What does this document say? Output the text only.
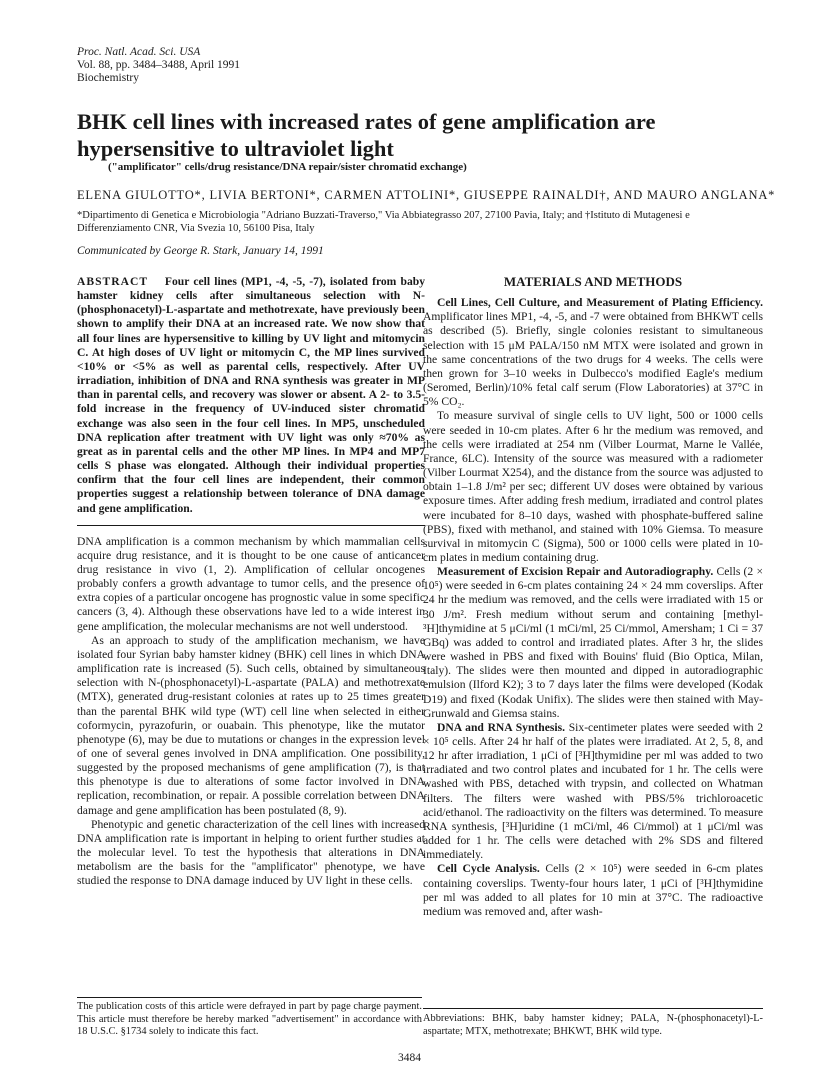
Proc. Natl. Acad. Sci. USA
Vol. 88, pp. 3484–3488, April 1991
Biochemistry
BHK cell lines with increased rates of gene amplification are hypersensitive to ultraviolet light
("amplificator" cells/drug resistance/DNA repair/sister chromatid exchange)
ELENA GIULOTTO*, LIVIA BERTONI*, CARMEN ATTOLINI*, GIUSEPPE RAINALDI†, AND MAURO ANGLANA*
*Dipartimento di Genetica e Microbiologia "Adriano Buzzati-Traverso," Via Abbiategrasso 207, 27100 Pavia, Italy; and †Istituto di Mutagenesi e Differenziamento CNR, Via Svezia 10, 56100 Pisa, Italy
Communicated by George R. Stark, January 14, 1991

ABSTRACT Four cell lines (MP1, -4, -5, -7), isolated from baby hamster kidney cells after simultaneous selection with N-(phosphonacetyl)-L-aspartate and methotrexate, have previously been shown to amplify their DNA at an increased rate. We now show that all four lines are hypersensitive to killing by UV light and mitomycin C. At high doses of UV light or mitomycin C, the MP lines survived <10% or <5% as well as parental cells, respectively. After UV irradiation, inhibition of DNA and RNA synthesis was greater in MP than in parental cells, and recovery was slower or absent. A 2- to 3.5-fold increase in the frequency of UV-induced sister chromatid exchange was also seen in the four cell lines. In MP5, unscheduled DNA replication after treatment with UV light was only ≈70% as great as in parental cells and the other MP lines. In MP4 and MP7 cells S phase was elongated. Although their individual properties confirm that the four cell lines are independent, their common properties suggest a relationship between tolerance of DNA damage and gene amplification.

DNA amplification is a common mechanism by which mammalian cells acquire drug resistance, and it is thought to be one cause of anticancer drug resistance in vivo (1, 2). Amplification of cellular oncogenes probably confers a growth advantage to tumor cells, and the presence of extra copies of a particular oncogene has prognostic value in some specific cancers (3, 4). Although these observations have led to a wide interest in gene amplification, the molecular mechanisms are not well understood.

As an approach to study of the amplification mechanism, we have isolated four Syrian baby hamster kidney (BHK) cell lines in which DNA amplification rate is increased (5). Such cells, obtained by simultaneous selection with N-(phosphonacetyl)-L-aspartate (PALA) and methotrexate (MTX), generated drug-resistant colonies at rates up to 25 times greater than the parental BHK wild type (WT) cell line when selected in either coformycin, pyrazofurin, or ouabain. This phenotype, like the mutator phenotype (6), may be due to mutations or changes in the expression level of one of several genes involved in DNA amplification. One possibility, suggested by the proposed mechanisms of gene amplification (7), is that this phenotype is due to alterations of some factor involved in DNA replication, recombination, or repair. A possible correlation between DNA damage and gene amplification has been postulated (8, 9).

Phenotypic and genetic characterization of the cell lines with increased DNA amplification rate is important in helping to orient further studies at the molecular level. To test the hypothesis that alterations in DNA metabolism are the basis for the "amplificator" phenotype, we have studied the response to DNA damage induced by UV light in these cells.

The publication costs of this article were defrayed in part by page charge payment. This article must therefore be hereby marked "advertisement" in accordance with 18 U.S.C. §1734 solely to indicate this fact.

MATERIALS AND METHODS

Cell Lines, Cell Culture, and Measurement of Plating Efficiency. Amplificator lines MP1, -4, -5, and -7 were obtained from BHKWT cells as described (5). Briefly, single colonies resistant to simultaneous selection with 15 μM PALA/150 nM MTX were isolated and grown in the same concentrations of the two drugs for 4 weeks. The cells were then grown for 3–10 weeks in Dulbecco's modified Eagle's medium (Seromed, Berlin)/10% fetal calf serum (Flow Laboratories) at 37°C in 5% CO₂.

To measure survival of single cells to UV light, 500 or 1000 cells were seeded in 10-cm plates. After 6 hr the medium was removed, and the cells were irradiated at 254 nm (Vilber Lourmat, Marne le Vallée, France, 6LC). Intensity of the source was measured with a radiometer (Vilber Lourmat X254), and the distance from the source was adjusted to obtain 1–1.8 J/m² per sec; different UV doses were obtained by various exposure times. After adding fresh medium, irradiated and control plates were incubated for 8–10 days, washed with phosphate-buffered saline (PBS), fixed with methanol, and stained with 10% Giemsa. To measure survival in mitomycin C (Sigma), 500 or 1000 cells were plated in 10-cm plates in medium containing drug.

Measurement of Excision Repair and Autoradiography. Cells (2 × 10⁵) were seeded in 6-cm plates containing 24 × 24 mm coverslips. After 24 hr the medium was removed, and the cells were irradiated with 15 or 30 J/m². Fresh medium without serum and containing [methyl-³H]thymidine at 5 μCi/ml (1 mCi/ml, 25 Ci/mmol, Amersham; 1 Ci = 37 GBq) was added to control and irradiated plates. After 3 hr, the slides were washed in PBS and fixed with Bouins' fluid (Bio Optica, Milan, Italy). The slides were then mounted and dipped in autoradiographic emulsion (Ilford K2); 3 to 7 days later the films were developed (Kodak D19) and fixed (Kodak Unifix). The slides were then stained with May-Grunwald and Giemsa stains.

DNA and RNA Synthesis. Six-centimeter plates were seeded with 2 × 10⁵ cells. After 24 hr half of the plates were irradiated. At 2, 5, 8, and 12 hr after irradiation, 1 μCi of [³H]thymidine per ml was added to two irradiated and two control plates and incubated for 1 hr. The cells were washed with PBS, detached with trypsin, and collected on Whatman filters. The filters were washed with PBS/5% trichloroacetic acid/ethanol. The radioactivity on the filters was determined. To measure RNA synthesis, [³H]uridine (1 mCi/ml, 46 Ci/mmol) at 1 μCi/ml was added for 1 hr. The cells were detached with 2% SDS and filtered immediately.

Cell Cycle Analysis. Cells (2 × 10⁵) were seeded in 6-cm plates containing coverslips. Twenty-four hours later, 1 μCi of [³H]thymidine per ml was added to all plates for 10 min at 37°C. The radioactive medium was removed and, after wash-

Abbreviations: BHK, baby hamster kidney; PALA, N-(phosphonacetyl)-L-aspartate; MTX, methotrexate; BHKWT, BHK wild type.
3484
